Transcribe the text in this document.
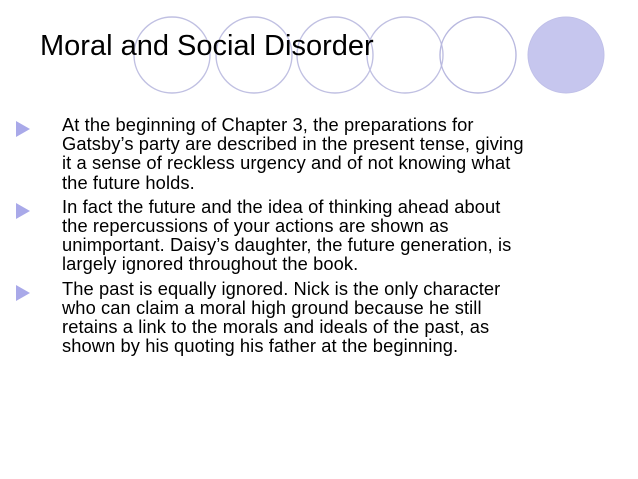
Moral and Social Disorder
At the beginning of Chapter 3, the preparations for
Gatsby’s party are described in the present tense, giving
it a sense of reckless urgency and of not knowing what
the future holds.
In fact the future and the idea of thinking ahead about
the repercussions of your actions are shown as
unimportant. Daisy’s daughter, the future generation, is
largely ignored throughout the book.
The past is equally ignored. Nick is the only character
who can claim a moral high ground because he still
retains a link to the morals and ideals of the past, as
shown by his quoting his father at the beginning.
